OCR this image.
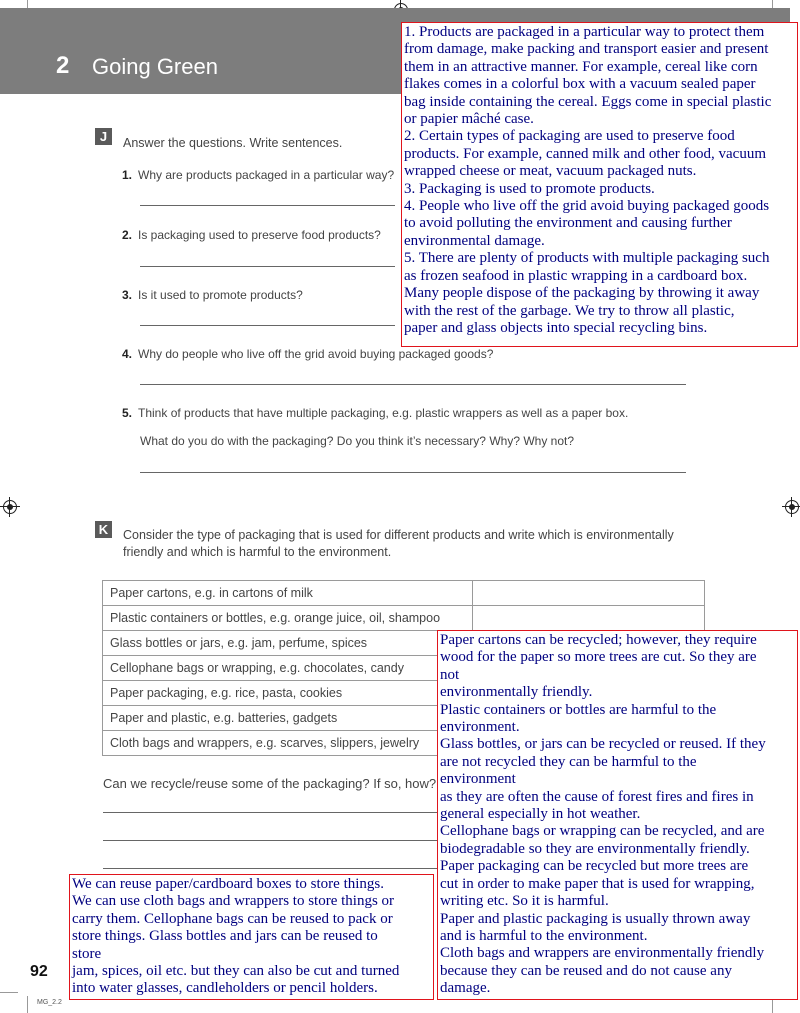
2 Going Green
J	Answer the questions. Write sentences.
1. Why are products packaged in a particular way?
2. Is packaging used to preserve food products?
3. Is it used to promote products?
4. Why do people who live off the grid avoid buying packaged goods?
5. Think of products that have multiple packaging, e.g. plastic wrappers as well as a paper box.
What do you do with the packaging? Do you think it’s necessary? Why? Why not?
K	Consider the type of packaging that is used for different products and write which is environmentally
friendly and which is harmful to the environment.
Paper cartons, e.g. in cartons of milk	
Plastic containers or bottles, e.g. orange juice, oil, shampoo	
Glass bottles or jars, e.g. jam, perfume, spices	
Cellophane bags or wrapping, e.g. chocolates, candy	
Paper packaging, e.g. rice, pasta, cookies	
Paper and plastic, e.g. batteries, gadgets	
Cloth bags and wrappers, e.g. scarves, slippers, jewelry	
Can we recycle/reuse some of the packaging? If so, how?
1. Products are packaged in a particular way to protect them
from damage, make packing and transport easier and present
them in an attractive manner. For example, cereal like corn
flakes comes in a colorful box with a vacuum sealed paper
bag inside containing the cereal. Eggs come in special plastic
or papier mâché case.
2. Certain types of packaging are used to preserve food
products. For example, canned milk and other food, vacuum
wrapped cheese or meat, vacuum packaged nuts.
3. Packaging is used to promote products.
4. People who live off the grid avoid buying packaged goods
to avoid polluting the environment and causing further
environmental damage.
5. There are plenty of products with multiple packaging such
as frozen seafood in plastic wrapping in a cardboard box.
Many people dispose of the packaging by throwing it away
with the rest of the garbage. We try to throw all plastic,
paper and glass objects into special recycling bins.
Paper cartons can be recycled; however, they require
wood for the paper so more trees are cut. So they are
not
environmentally friendly.
Plastic containers or bottles are harmful to the
environment.
Glass bottles, or jars can be recycled or reused. If they
are not recycled they can be harmful to the
environment
as they are often the cause of forest fires and fires in
general especially in hot weather.
Cellophane bags or wrapping can be recycled, and are
biodegradable so they are environmentally friendly.
Paper packaging can be recycled but more trees are
cut in order to make paper that is used for wrapping,
writing etc. So it is harmful.
Paper and plastic packaging is usually thrown away
and is harmful to the environment.
Cloth bags and wrappers are environmentally friendly
because they can be reused and do not cause any
damage.
We can reuse paper/cardboard boxes to store things.
We can use cloth bags and wrappers to store things or
carry them. Cellophane bags can be reused to pack or
store things. Glass bottles and jars can be reused to
store
jam, spices, oil etc. but they can also be cut and turned
into water glasses, candleholders or pencil holders.
92
MG_2.2
